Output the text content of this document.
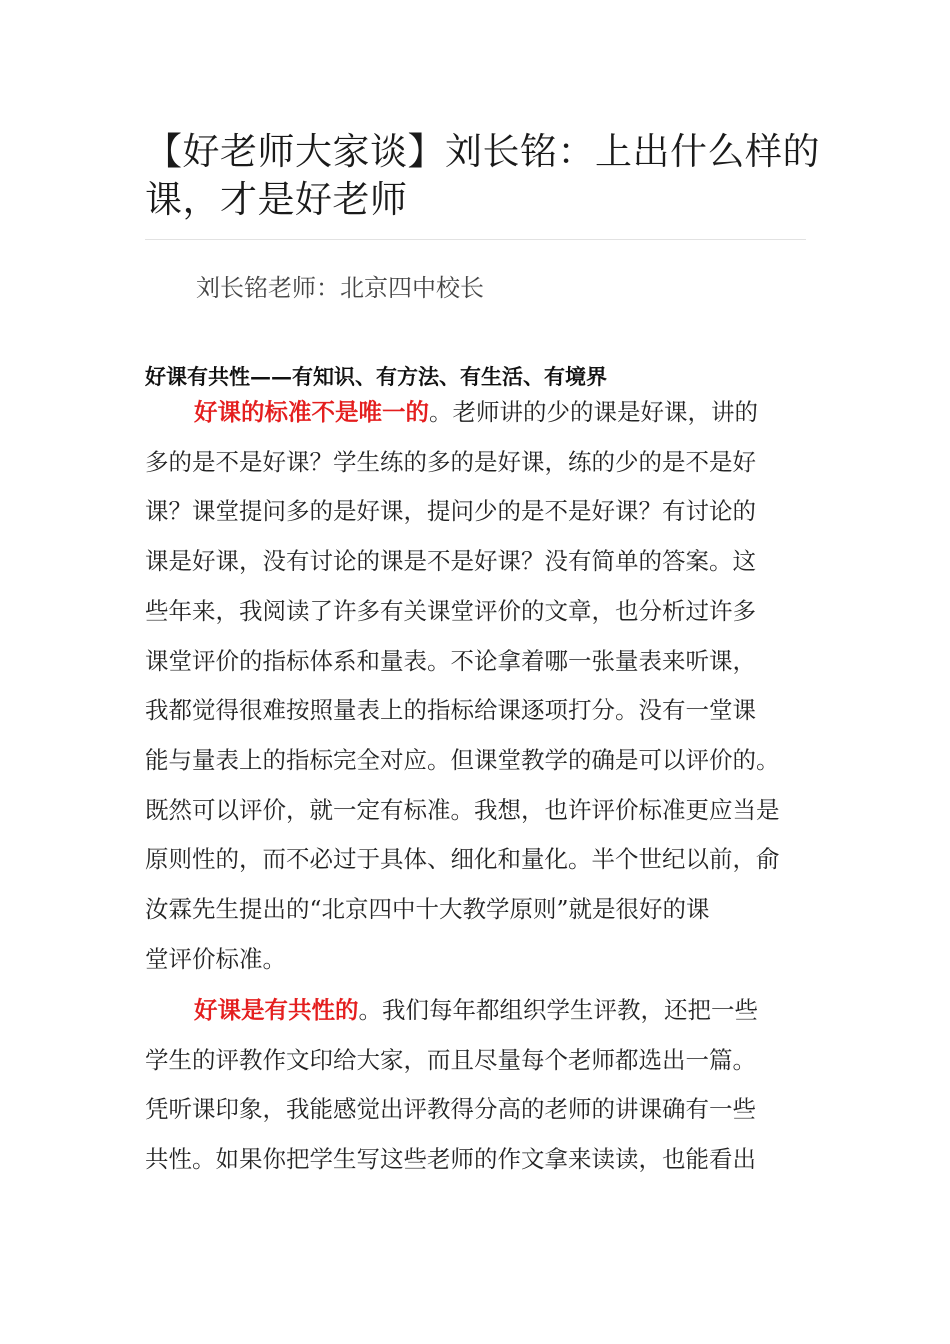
【好老师大家谈】刘长铭：上出什么样的
课，才是好老师

刘长铭老师：北京四中校长

好课有共性——有知识、有方法、有生活、有境界
好课的标准不是唯一的。老师讲的少的课是好课，讲的
多的是不是好课？学生练的多的是好课，练的少的是不是好
课？课堂提问多的是好课，提问少的是不是好课？有讨论的
课是好课，没有讨论的课是不是好课？没有简单的答案。这
些年来，我阅读了许多有关课堂评价的文章，也分析过许多
课堂评价的指标体系和量表。不论拿着哪一张量表来听课，
我都觉得很难按照量表上的指标给课逐项打分。没有一堂课
能与量表上的指标完全对应。但课堂教学的确是可以评价的。
既然可以评价，就一定有标准。我想，也许评价标准更应当是
原则性的，而不必过于具体、细化和量化。半个世纪以前，俞
汝霖先生提出的“北京四中十大教学原则”就是很好的课
堂评价标准。
好课是有共性的。我们每年都组织学生评教，还把一些
学生的评教作文印给大家，而且尽量每个老师都选出一篇。
凭听课印象，我能感觉出评教得分高的老师的讲课确有一些
共性。如果你把学生写这些老师的作文拿来读读，也能看出
